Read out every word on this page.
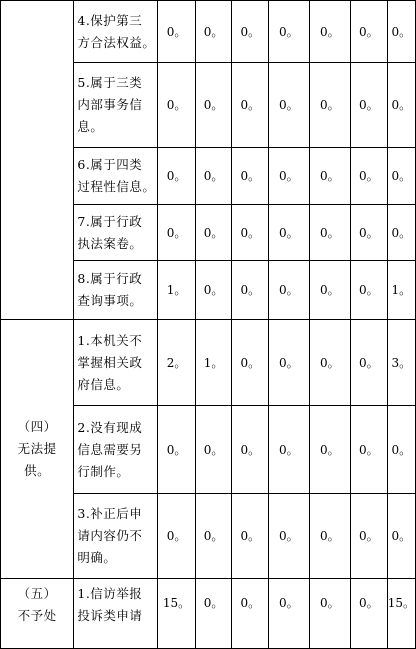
	4.保护第三
方合法权益。	0。	0。	0。	0。	0。	0。	0。

	5.属于三类
内部事务信
息。	0。	0。	0。	0。	0。	0。	0。

	6.属于四类
过程性信息。	0。	0。	0。	0。	0。	0。	0。

	7.属于行政
执法案卷。	0。	0。	0。	0。	0。	0。	0。

	8.属于行政
查询事项。	1。	0。	0。	0。	0。	0。	1。

（四）
无法提
供。	1.本机关不
掌握相关政
府信息。	2。	1。	0。	0。	0。	0。	3。

	2.没有现成
信息需要另
行制作。	0。	0。	0。	0。	0。	0。	0。

	3.补正后申
请内容仍不
明确。	0。	0。	0。	0。	0。	0。	0。

（五）
不予处	1.信访举报
投诉类申请	15。	0。	0。	0。	0。	0。	15。
